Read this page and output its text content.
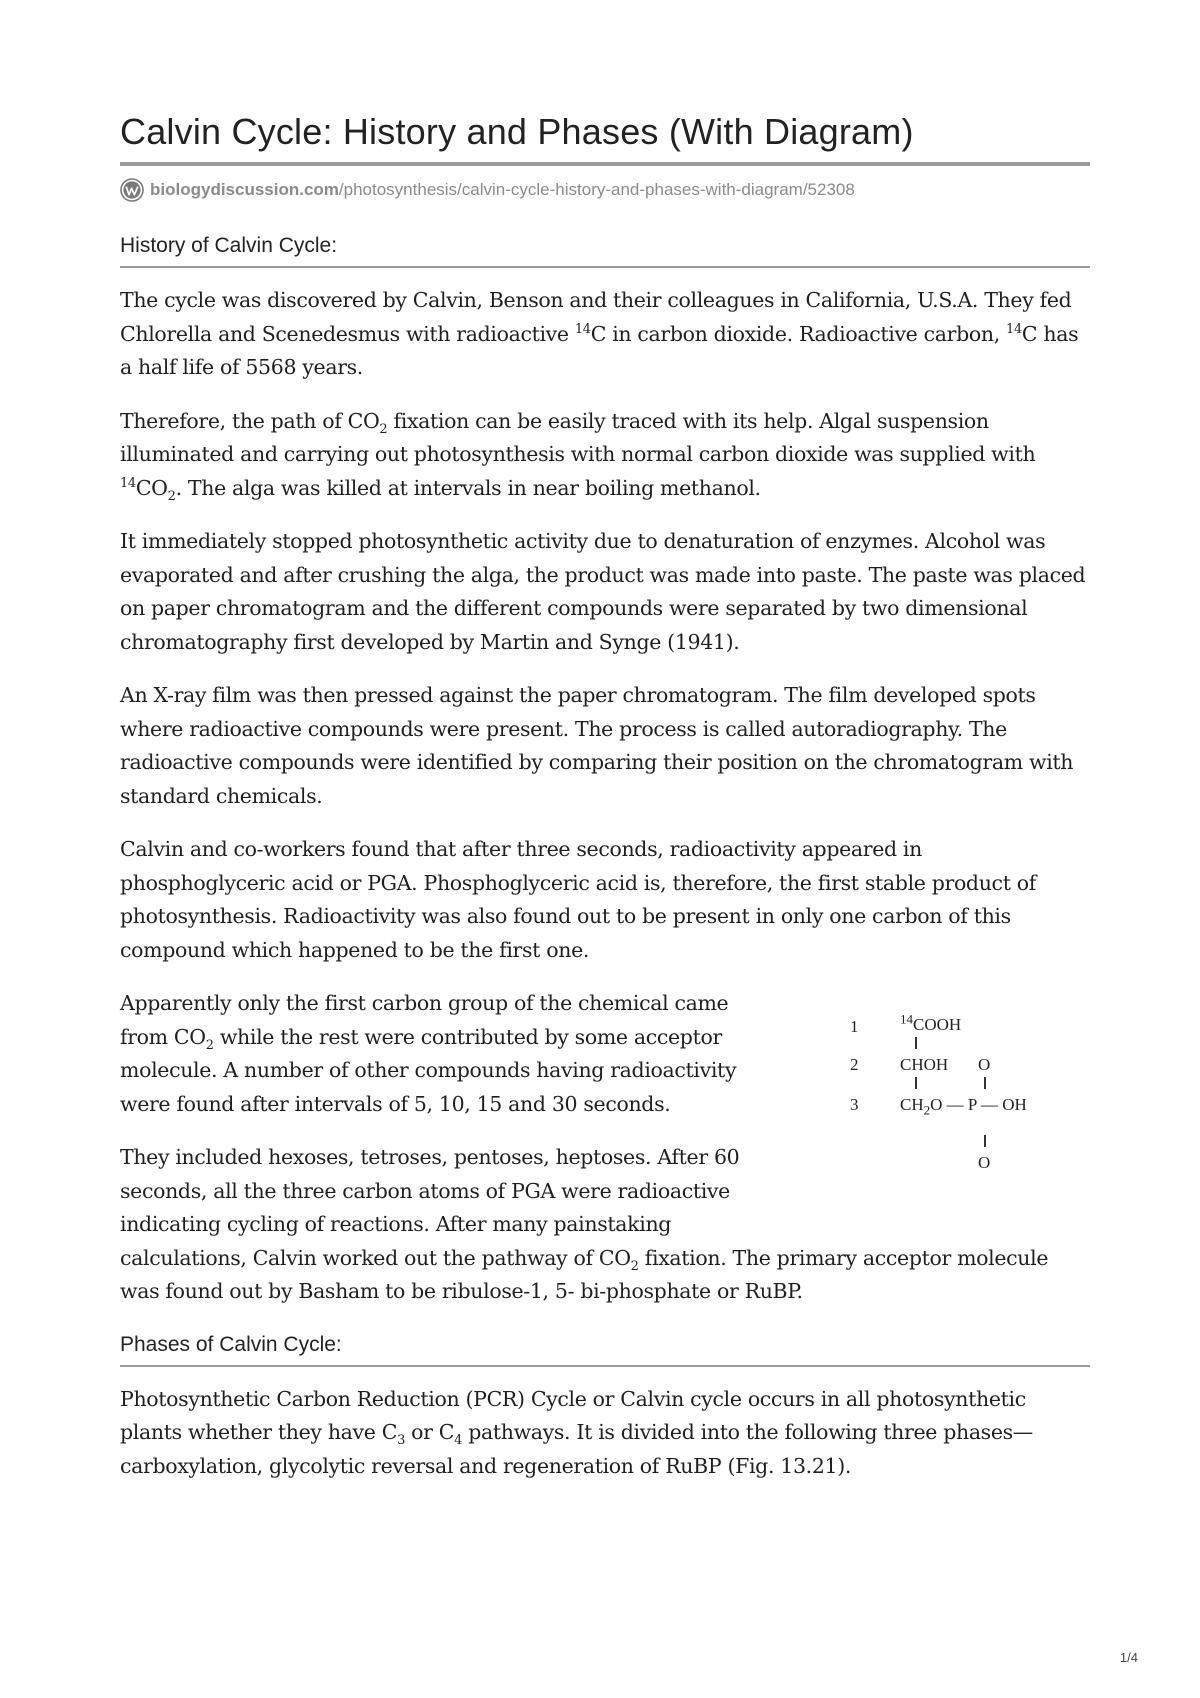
Calvin Cycle: History and Phases (With Diagram)
biologydiscussion.com /photosynthesis/calvin-cycle-history-and-phases-with-diagram/52308
History of Calvin Cycle:

The cycle was discovered by Calvin, Benson and their colleagues in California, U.S.A. They fed Chlorella and Scenedesmus with radioactive $^{14}$C in carbon dioxide. Radioactive carbon, $^{14}$C has a half life of 5568 years.

Therefore, the path of $CO_2$ fixation can be easily traced with its help. Algal suspension illuminated and carrying out photosynthesis with normal carbon dioxide was supplied with $^{14}CO_2$. The alga was killed at intervals in near boiling methanol.

It immediately stopped photosynthetic activity due to denaturation of enzymes. Alcohol was evaporated and after crushing the alga, the product was made into paste. The paste was placed on paper chromatogram and the different compounds were separated by two dimensional chromatography first developed by Martin and Synge (1941).

An X-ray film was then pressed against the paper chromatogram. The film developed spots where radioactive compounds were present. The process is called autoradiography. The radioactive compounds were identified by comparing their position on the chromatogram with standard chemicals.

Calvin and co-workers found that after three seconds, radioactivity appeared in phosphoglyceric acid or PGA. Phosphoglyceric acid is, therefore, the first stable product of photosynthesis. Radioactivity was also found out to be present in only one carbon of this compound which happened to be the first one.

Apparently only the first carbon group of the chemical came from $CO_2$ while the rest were contributed by some acceptor molecule. A number of other compounds having radioactivity were found after intervals of 5, 10, 15 and 30 seconds.

They included hexoses, tetroses, pentoses, heptoses. After 60 seconds, all the three carbon atoms of PGA were radioactive indicating cycling of reactions. After many painstaking
calculations, Calvin worked out the pathway of $CO_2$ fixation. The primary acceptor molecule was found out by Basham to be ribulose-1, 5- bi-phosphate or RuBP.

1
2
3
$^{14}$COOH
CHOH O
$CH_2O$ — P — OH
O
Phases of Calvin Cycle:

Photosynthetic Carbon Reduction (PCR) Cycle or Calvin cycle occurs in all photosynthetic plants whether they have $C_3$ or $C_4$ pathways. It is divided into the following three phases—carboxylation, glycolytic reversal and regeneration of RuBP (Fig. 13.21).

1/4
